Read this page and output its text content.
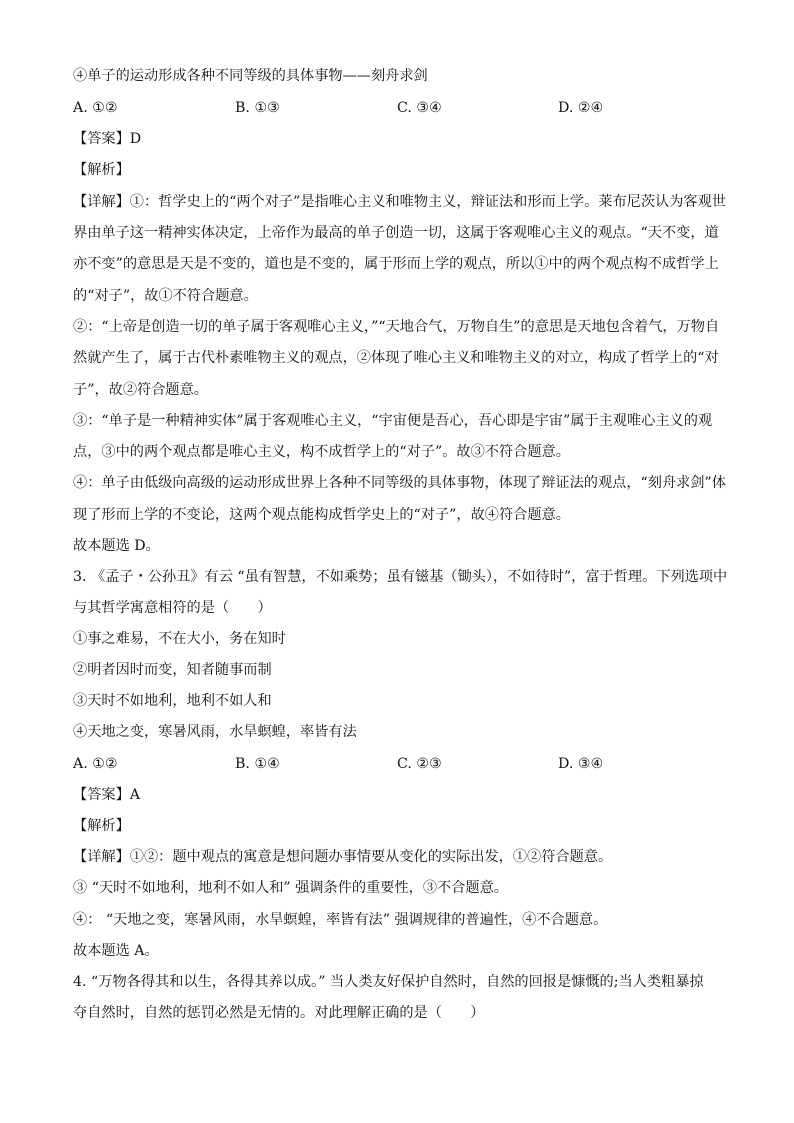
④单子的运动形成各种不同等级的具体事物——刻舟求剑
A. ①②	B. ①③	C. ③④	D. ②④
【答案】D
【解析】
【详解】①：哲学史上的“两个对子”是指唯心主义和唯物主义，辩证法和形而上学。莱布尼茨认为客观世
界由单子这一精神实体决定，上帝作为最高的单子创造一切，这属于客观唯心主义的观点。“天不变，道
亦不变”的意思是天是不变的，道也是不变的，属于形而上学的观点，所以①中的两个观点构不成哲学上
的“对子”，故①不符合题意。
②：“上帝是创造一切的单子属于客观唯心主义，”“天地合气，万物自生”的意思是天地包含着气，万物自
然就产生了，属于古代朴素唯物主义的观点，②体现了唯心主义和唯物主义的对立，构成了哲学上的“对
子”，故②符合题意。
③：“单子是一种精神实体”属于客观唯心主义，“宇宙便是吾心，吾心即是宇宙”属于主观唯心主义的观
点，③中的两个观点都是唯心主义，构不成哲学上的“对子”。故③不符合题意。
④：单子由低级向高级的运动形成世界上各种不同等级的具体事物，体现了辩证法的观点，“刻舟求剑”体
现了形而上学的不变论，这两个观点能构成哲学史上的“对子”，故④符合题意。
故本题选 D。
3. 《孟子・公孙丑》有云 “虽有智慧，不如乘势；虽有镃基（锄头），不如待时”，富于哲理。下列选项中
与其哲学寓意相符的是（　　）
①事之难易，不在大小，务在知时
②明者因时而变，知者随事而制
③天时不如地利，地利不如人和
④天地之变，寒暑风雨，水旱螟蝗，率皆有法
A. ①②	B. ①④	C. ②③	D. ③④
【答案】A
【解析】
【详解】①②：题中观点的寓意是想问题办事情要从变化的实际出发，①②符合题意。
③ “天时不如地利，地利不如人和” 强调条件的重要性，③不合题意。
④： “天地之变，寒暑风雨，水旱螟蝗，率皆有法” 强调规律的普遍性，④不合题意。
故本题选 A。
4. “万物各得其和以生，各得其养以成。” 当人类友好保护自然时，自然的回报是慷慨的;当人类粗暴掠
夺自然时，自然的惩罚必然是无情的。对此理解正确的是（　　）
